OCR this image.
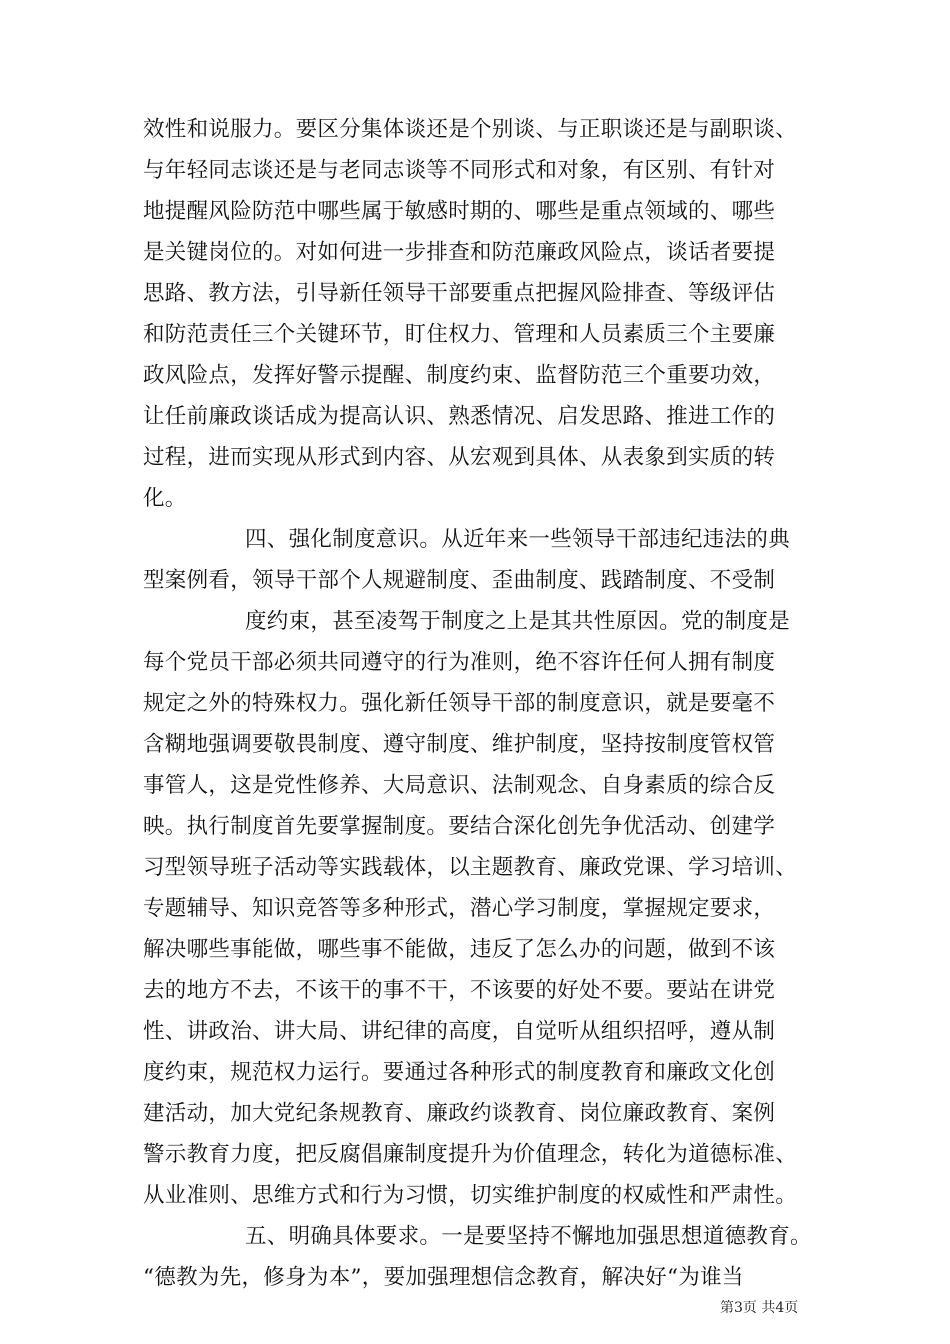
效性和说服力。要区分集体谈还是个别谈、与正职谈还是与副职谈、
与年轻同志谈还是与老同志谈等不同形式和对象，有区别、有针对
地提醒风险防范中哪些属于敏感时期的、哪些是重点领域的、哪些
是关键岗位的。对如何进一步排查和防范廉政风险点，谈话者要提
思路、教方法，引导新任领导干部要重点把握风险排查、等级评估
和防范责任三个关键环节，盯住权力、管理和人员素质三个主要廉
政风险点，发挥好警示提醒、制度约束、监督防范三个重要功效，
让任前廉政谈话成为提高认识、熟悉情况、启发思路、推进工作的
过程，进而实现从形式到内容、从宏观到具体、从表象到实质的转
化。
四、强化制度意识。从近年来一些领导干部违纪违法的典
型案例看，领导干部个人规避制度、歪曲制度、践踏制度、不受制
度约束，甚至凌驾于制度之上是其共性原因。党的制度是
每个党员干部必须共同遵守的行为准则，绝不容许任何人拥有制度
规定之外的特殊权力。强化新任领导干部的制度意识，就是要毫不
含糊地强调要敬畏制度、遵守制度、维护制度，坚持按制度管权管
事管人，这是党性修养、大局意识、法制观念、自身素质的综合反
映。执行制度首先要掌握制度。要结合深化创先争优活动、创建学
习型领导班子活动等实践载体，以主题教育、廉政党课、学习培训、
专题辅导、知识竞答等多种形式，潜心学习制度，掌握规定要求，
解决哪些事能做，哪些事不能做，违反了怎么办的问题，做到不该
去的地方不去，不该干的事不干，不该要的好处不要。要站在讲党
性、讲政治、讲大局、讲纪律的高度，自觉听从组织招呼，遵从制
度约束，规范权力运行。要通过各种形式的制度教育和廉政文化创
建活动，加大党纪条规教育、廉政约谈教育、岗位廉政教育、案例
警示教育力度，把反腐倡廉制度提升为价值理念，转化为道德标准、
从业准则、思维方式和行为习惯，切实维护制度的权威性和严肃性。
五、明确具体要求。一是要坚持不懈地加强思想道德教育。
“德教为先，修身为本”，要加强理想信念教育，解决好“为谁当
第3页 共4页
